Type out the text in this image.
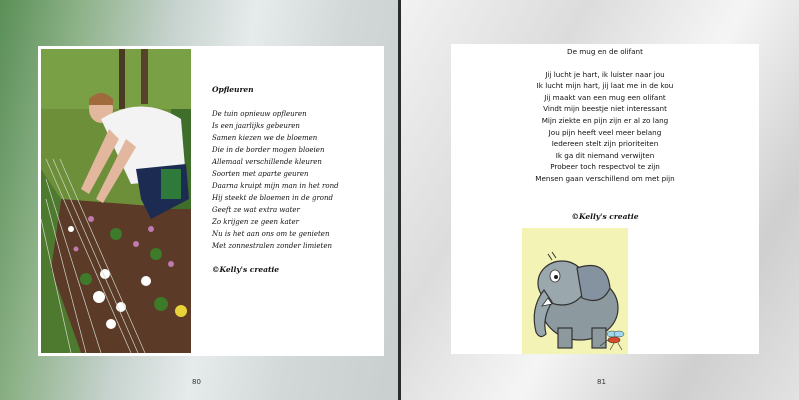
Opfleuren
De tuin opnieuw opfleuren
Is een jaarlijks gebeuren
Samen kiezen we de bloemen
Die in de border mogen bloeien
Allemaal verschillende kleuren
Soorten met aparte geuren
Daarna kruipt mijn man in het rond
Hij steekt de bloemen in de grond
Geeft ze wat extra water
Zo krijgen ze geen kater
Nu is het aan ons om te genieten
Met zonnestralen zonder limieten
©Kelly's creatie
80
De mug en de olifant
Jij lucht je hart, ik luister naar jou
Ik lucht mijn hart, jij laat me in de kou
Jij maakt van een mug een olifant
Vindt mijn beestje niet interessant
Mijn ziekte en pijn zijn er al zo lang
Jou pijn heeft veel meer belang
Iedereen stelt zijn prioriteiten
Ik ga dit niemand verwijten
Probeer toch respectvol te zijn
Mensen gaan verschillend om met pijn
©Kelly's creatie
81
